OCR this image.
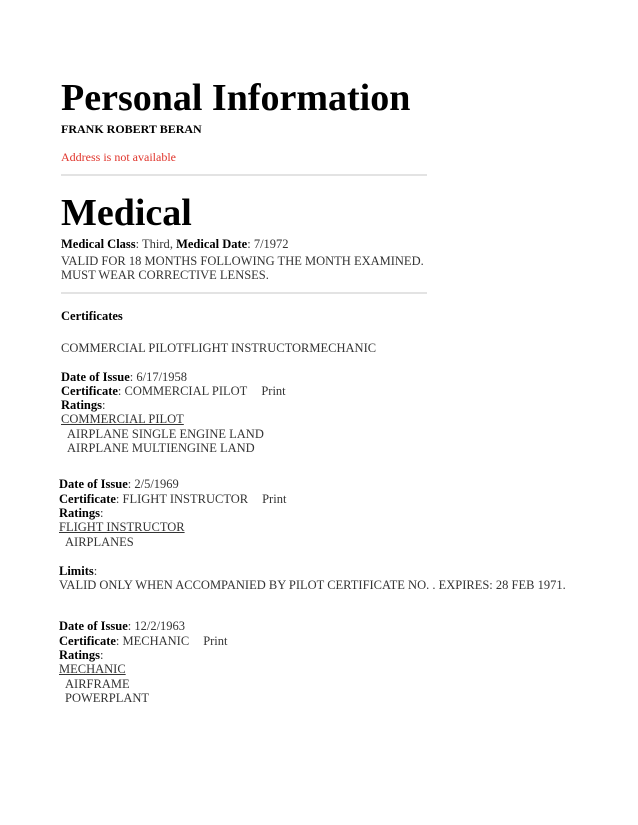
Personal Information
FRANK ROBERT BERAN
Address is not available
Medical
Medical Class: Third, Medical Date: 7/1972
VALID FOR 18 MONTHS FOLLOWING THE MONTH EXAMINED.
MUST WEAR CORRECTIVE LENSES.
Certificates
COMMERCIAL PILOTFLIGHT INSTRUCTORMECHANIC
Date of Issue: 6/17/1958
Certificate: COMMERCIAL PILOT Print
Ratings:
COMMERCIAL PILOT
AIRPLANE SINGLE ENGINE LAND
AIRPLANE MULTIENGINE LAND
Date of Issue: 2/5/1969
Certificate: FLIGHT INSTRUCTOR Print
Ratings:
FLIGHT INSTRUCTOR
AIRPLANES
Limits:
VALID ONLY WHEN ACCOMPANIED BY PILOT CERTIFICATE NO. . EXPIRES: 28 FEB 1971.
Date of Issue: 12/2/1963
Certificate: MECHANIC Print
Ratings:
MECHANIC
AIRFRAME
POWERPLANT
